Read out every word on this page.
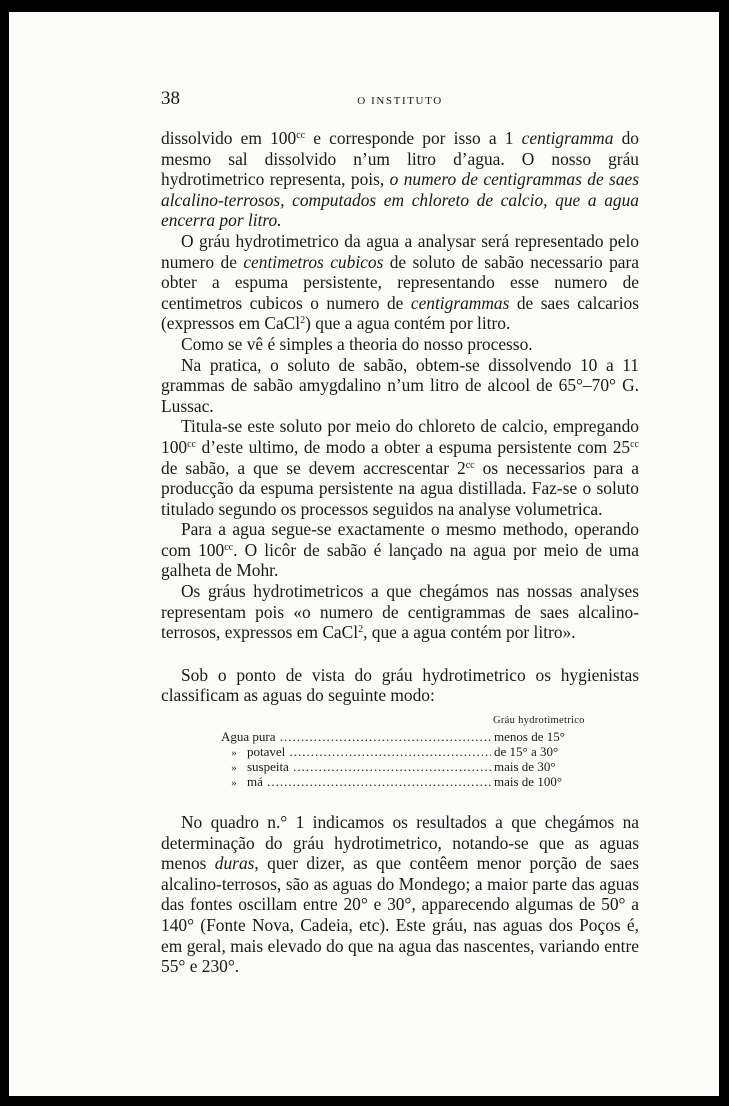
38	O INSTITUTO

dissolvido em $100^{cc}$ e corresponde por isso a 1 centigramma do mesmo sal dissolvido n’um litro d’agua. O nosso gráu hydrotimetrico representa, pois, o numero de centigrammas de saes alcalino-terrosos, computados em chloreto de calcio, que a agua encerra por litro.

O gráu hydrotimetrico da agua a analysar será representado pelo numero de centimetros cubicos de soluto de sabão necessario para obter a espuma persistente, representando esse numero de centimetros cubicos o numero de centigrammas de saes calcarios (expressos em CaCl$^2$) que a agua contém por litro.

Como se vê é simples a theoria do nosso processo.

Na pratica, o soluto de sabão, obtem-se dissolvendo 10 a 11 grammas de sabão amygdalino n’um litro de alcool de 65°–70° G. Lussac.

Titula-se este soluto por meio do chloreto de calcio, empregando $100^{cc}$ d’este ultimo, de modo a obter a espuma persistente com $25^{cc}$ de sabão, a que se devem accrescentar $2^{cc}$ os necessarios para a producção da espuma persistente na agua distillada. Faz-se o soluto titulado segundo os processos seguidos na analyse volumetrica.

Para a agua segue-se exactamente o mesmo methodo, operando com $100^{cc}$. O licôr de sabão é lançado na agua por meio de uma galheta de Mohr.

Os gráus hydrotimetricos a que chegámos nas nossas analyses representam pois «o numero de centigrammas de saes alcalino-terrosos, expressos em CaCl$^2$, que a agua contém por litro».

Sob o ponto de vista do gráu hydrotimetrico os hygienistas classificam as aguas do seguinte modo:

Gráu hydrotimetrico
Agua pura .....	menos de 15°
» potavel .....	de 15° a 30°
» suspeita .....	mais de 30°
» má .....	mais de 100°

No quadro n.° 1 indicamos os resultados a que chegámos na determinação do gráu hydrotimetrico, notando-se que as aguas menos duras, quer dizer, as que contêem menor porção de saes alcalino-terrosos, são as aguas do Mondego; a maior parte das aguas das fontes oscillam entre 20° e 30°, apparecendo algumas de 50° a 140° (Fonte Nova, Cadeia, etc). Este gráu, nas aguas dos Poços é, em geral, mais elevado do que na agua das nascentes, variando entre 55° e 230°.
